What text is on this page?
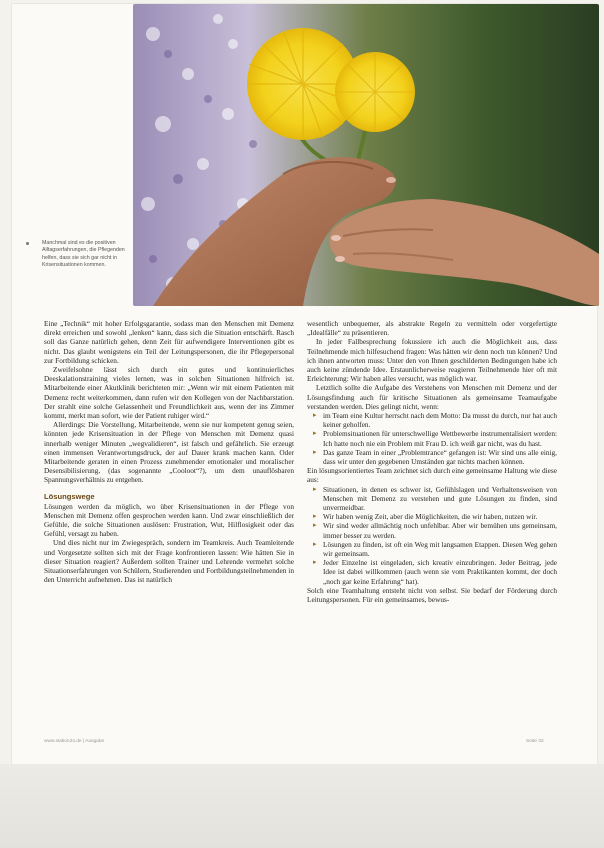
Manchmal sind es die positiven Alltagserfahrungen, die Pflegenden helfen, dass sie sich gar nicht in Krisensituationen kommen.

Eine „Technik“ mit hoher Erfolgsgarantie, sodass man den Menschen mit Demenz direkt erreichen und sowohl „lenken“ kann, dass sich die Situation entschärft. Rasch soll das Ganze natürlich gehen, denn Zeit für aufwendigere Interventionen gibt es nicht. Das glaubt wenigstens ein Teil der Leitungspersonen, die ihr Pflegepersonal zur Fortbildung schicken.

Zweifelsohne lässt sich durch ein gutes und kontinuierliches Deeskalationstraining vieles lernen, was in solchen Situationen hilfreich ist. Mitarbeitende einer Akutklinik berichteten mir: „Wenn wir mit einem Patienten mit Demenz recht weiterkommen, dann rufen wir den Kollegen von der Nachbarstation. Der strahlt eine solche Gelassenheit und Freundlichkeit aus, wenn der ins Zimmer kommt, merkt man sofort, wie der Patient ruhiger wird.“

Allerdings: Die Vorstellung, Mitarbeitende, wenn sie nur kompetent genug seien, könnten jede Krisensituation in der Pflege von Menschen mit Demenz quasi innerhalb weniger Minuten „wegvalidieren“, ist falsch und gefährlich. Sie erzeugt einen immensen Verantwortungsdruck, der auf Dauer krank machen kann. Oder Mitarbeitende geraten in einen Prozess zunehmender emotionaler und moralischer Desensibilisierung, (das sogenannte „Cooloot“?), um dem unauflösbaren Spannungsverhältnis zu entgehen.

Lösungswege

Lösungen werden da möglich, wo über Krisensituationen in der Pflege von Menschen mit Demenz offen gesprochen werden kann. Und zwar einschließlich der Gefühle, die solche Situationen auslösen: Frustration, Wut, Hilflosigkeit oder das Gefühl, versagt zu haben.

Und dies nicht nur im Zwiegespräch, sondern im Teamkreis. Auch Teamleitende und Vorgesetzte sollten sich mit der Frage konfrontieren lassen: Wie hätten Sie in dieser Situation reagiert? Außerdem sollten Trainer und Lehrende vermehrt solche Situationserfahrungen von Schülern, Studierenden und Fortbildungsteilnehmenden in den Unterricht aufnehmen. Das ist natürlich

wesentlich unbequemer, als abstrakte Regeln zu vermitteln oder vorgefertigte „Idealfälle“ zu präsentieren.

In jeder Fallbesprechung fokussiere ich auch die Möglichkeit aus, dass Teilnehmende mich hilfesuchend fragen: Was hätten wir denn noch tun können? Und ich ihnen antworten muss: Unter den von Ihnen geschilderten Bedingungen habe ich auch keine zündende Idee. Erstaunlicherweise reagieren Teilnehmende hier oft mit Erleichterung: Wir haben alles versucht, was möglich war.

Letztlich sollte die Aufgabe des Verstehens von Menschen mit Demenz und der Lösungsfindung auch für kritische Situationen als gemeinsame Teamaufgabe verstanden werden. Dies gelingt nicht, wenn:

▸ im Team eine Kultur herrscht nach dem Motto: Da musst du durch, nur hat auch keiner geholfen.
▸ Problemsituationen für unterschwellige Wettbewerbe instrumentalisiert werden: Ich hatte noch nie ein Problem mit Frau D. ich weiß gar nicht, was du hast.
▸ Das ganze Team in einer „Problemtrance“ gefangen ist: Wir sind uns alle einig, dass wir unter den gegebenen Umständen gar nichts machen können.

Ein lösungsorientiertes Team zeichnet sich durch eine gemeinsame Haltung wie diese aus:

▸ Situationen, in denen es schwer ist, Gefühlslagen und Verhaltensweisen von Menschen mit Demenz zu verstehen und gute Lösungen zu finden, sind unvermeidbar.
▸ Wir haben wenig Zeit, aber die Möglichkeiten, die wir haben, nutzen wir.
▸ Wir sind weder allmächtig noch unfehlbar. Aber wir bemühen uns gemeinsam, immer besser zu werden.
▸ Lösungen zu finden, ist oft ein Weg mit langsamen Etappen. Diesen Weg gehen wir gemeinsam.
▸ Jeder Einzelne ist eingeladen, sich kreativ einzubringen. Jeder Beitrag, jede Idee ist dabei willkommen (auch wenn sie vom Praktikanten kommt, der doch „noch gar keine Erfahrung“ hat).

Solch eine Teamhaltung entsteht nicht von selbst. Sie bedarf der Förderung durch Leitungspersonen. Für ein gemeinsames, bewus-

www.station24.de | Ausgabe	Seite 33
